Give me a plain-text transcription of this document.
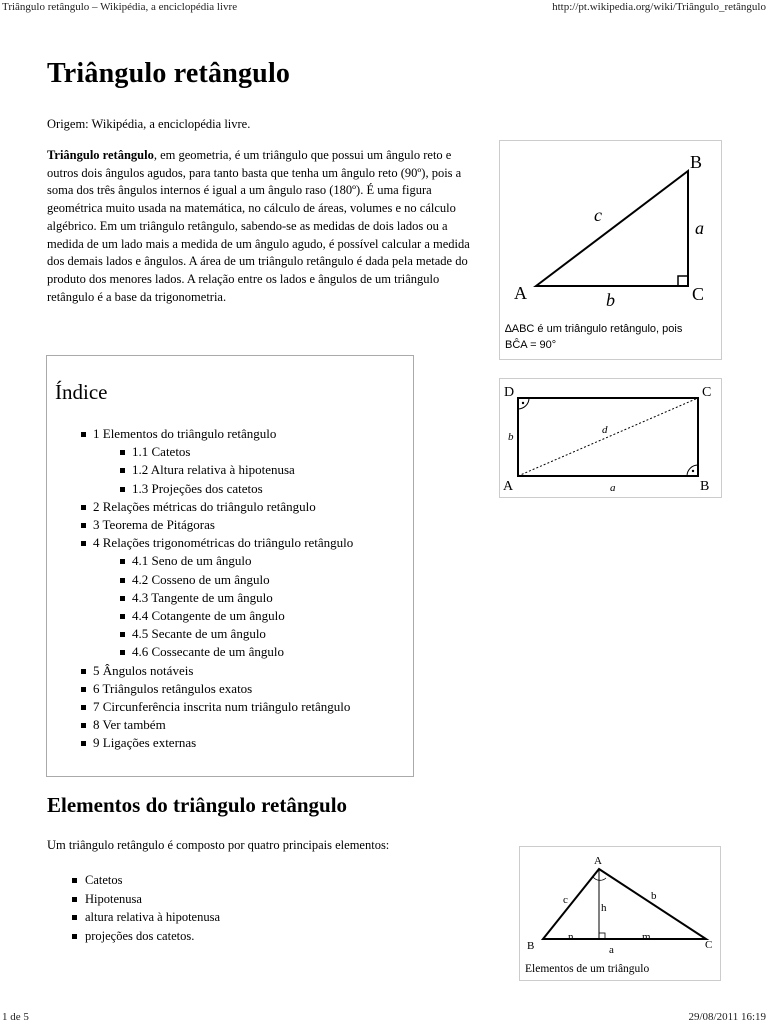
Triângulo retângulo – Wikipédia, a enciclopédia livre	http://pt.wikipedia.org/wiki/Triângulo_retângulo
Triângulo retângulo
Origem: Wikipédia, a enciclopédia livre.

Triângulo retângulo, em geometria, é um triângulo que possui um ângulo reto e outros dois ângulos agudos, para tanto basta que tenha um ângulo reto (90º), pois a soma dos três ângulos internos é igual a um ângulo raso (180º). É uma figura geométrica muito usada na matemática, no cálculo de áreas, volumes e no cálculo algébrico. Em um triângulo retângulo, sabendo-se as medidas de dois lados ou a medida de um lado mais a medida de um ângulo agudo, é possível calcular a medida dos demais lados e ângulos. A área de um triângulo retângulo é dada pela metade do produto dos menores lados. A relação entre os lados e ângulos de um triângulo retângulo é a base da trigonometria.	A
B
C
a
b
c
∆ABC é um triângulo retângulo, pois
BĈA = 90°
D	C
A	B
b
a
d
Índice
1 Elementos do triângulo retângulo
1.1 Catetos
1.2 Altura relativa à hipotenusa
1.3 Projeções dos catetos
2 Relações métricas do triângulo retângulo
3 Teorema de Pitágoras
4 Relações trigonométricas do triângulo retângulo
4.1 Seno de um ângulo
4.2 Cosseno de um ângulo
4.3 Tangente de um ângulo
4.4 Cotangente de um ângulo
4.5 Secante de um ângulo
4.6 Cossecante de um ângulo
5 Ângulos notáveis
6 Triângulos retângulos exatos
7 Circunferência inscrita num triângulo retângulo
8 Ver também
9 Ligações externas
Elementos do triângulo retângulo
Um triângulo retângulo é composto por quatro principais elementos:
Catetos
Hipotenusa
altura relativa à hipotenusa
projeções dos catetos.
A
B	C
c	b
h
n	m
a
Elementos de um triângulo
1 de 5	29/08/2011 16:19
